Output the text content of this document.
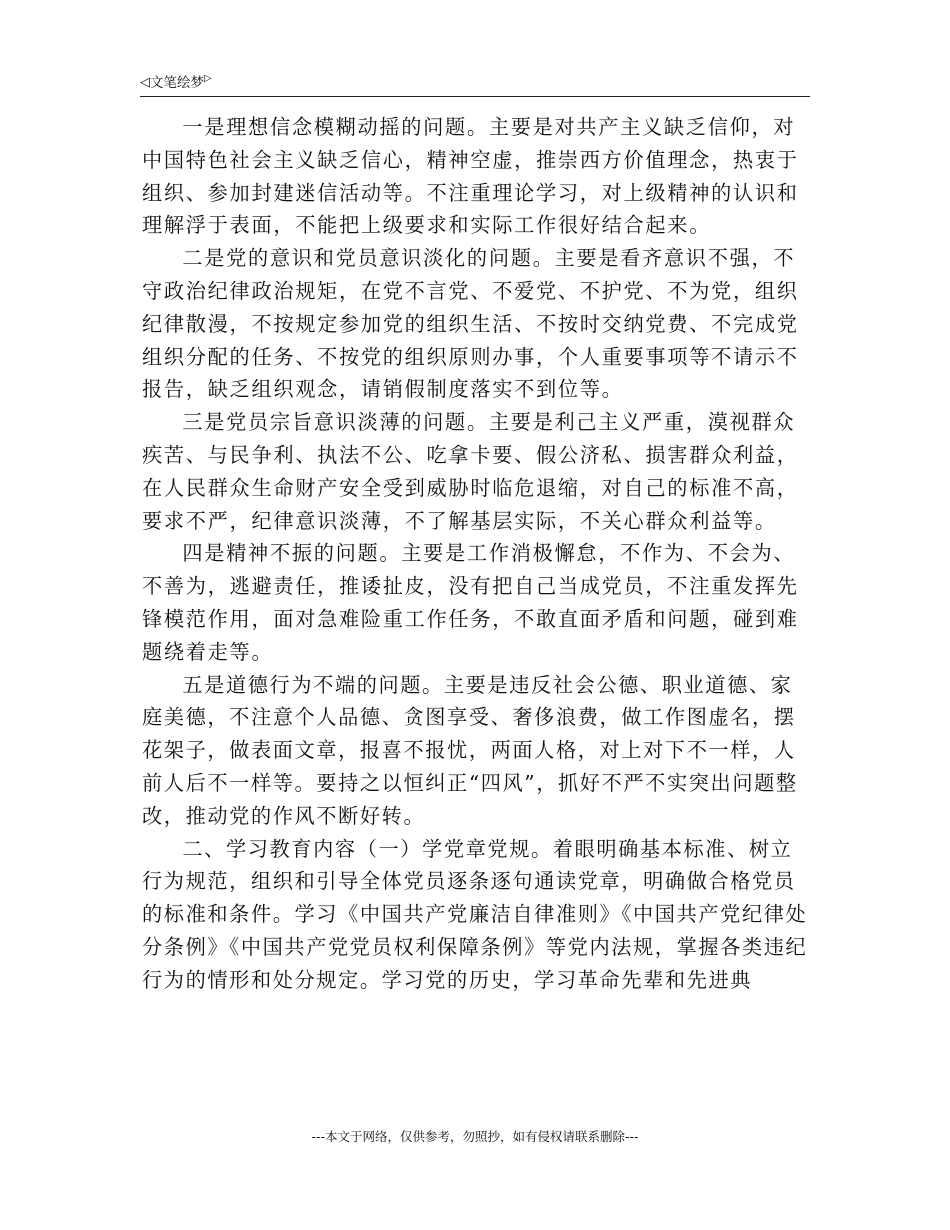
◁ 文笔绘梦 ▷

一是理想信念模糊动摇的问题。主要是对共产主义缺乏信仰，对中国特色社会主义缺乏信心，精神空虚，推崇西方价值理念，热衷于组织、参加封建迷信活动等。不注重理论学习，对上级精神的认识和理解浮于表面，不能把上级要求和实际工作很好结合起来。

二是党的意识和党员意识淡化的问题。主要是看齐意识不强，不守政治纪律政治规矩，在党不言党、不爱党、不护党、不为党，组织纪律散漫，不按规定参加党的组织生活、不按时交纳党费、不完成党组织分配的任务、不按党的组织原则办事，个人重要事项等不请示不报告，缺乏组织观念，请销假制度落实不到位等。

三是党员宗旨意识淡薄的问题。主要是利己主义严重，漠视群众疾苦、与民争利、执法不公、吃拿卡要、假公济私、损害群众利益，在人民群众生命财产安全受到威胁时临危退缩，对自己的标准不高，要求不严，纪律意识淡薄，不了解基层实际，不关心群众利益等。

四是精神不振的问题。主要是工作消极懈怠，不作为、不会为、不善为，逃避责任，推诿扯皮，没有把自己当成党员，不注重发挥先锋模范作用，面对急难险重工作任务，不敢直面矛盾和问题，碰到难题绕着走等。

五是道德行为不端的问题。主要是违反社会公德、职业道德、家庭美德，不注意个人品德、贪图享受、奢侈浪费，做工作图虚名，摆花架子，做表面文章，报喜不报忧，两面人格，对上对下不一样，人前人后不一样等。要持之以恒纠正“四风”，抓好不严不实突出问题整改，推动党的作风不断好转。

二、学习教育内容（一）学党章党规。着眼明确基本标准、树立行为规范，组织和引导全体党员逐条逐句通读党章，明确做合格党员的标准和条件。学习《中国共产党廉洁自律准则》《中国共产党纪律处分条例》《中国共产党党员权利保障条例》等党内法规，掌握各类违纪行为的情形和处分规定。学习党的历史，学习革命先辈和先进典

---本文于网络，仅供参考，勿照抄，如有侵权请联系删除---
